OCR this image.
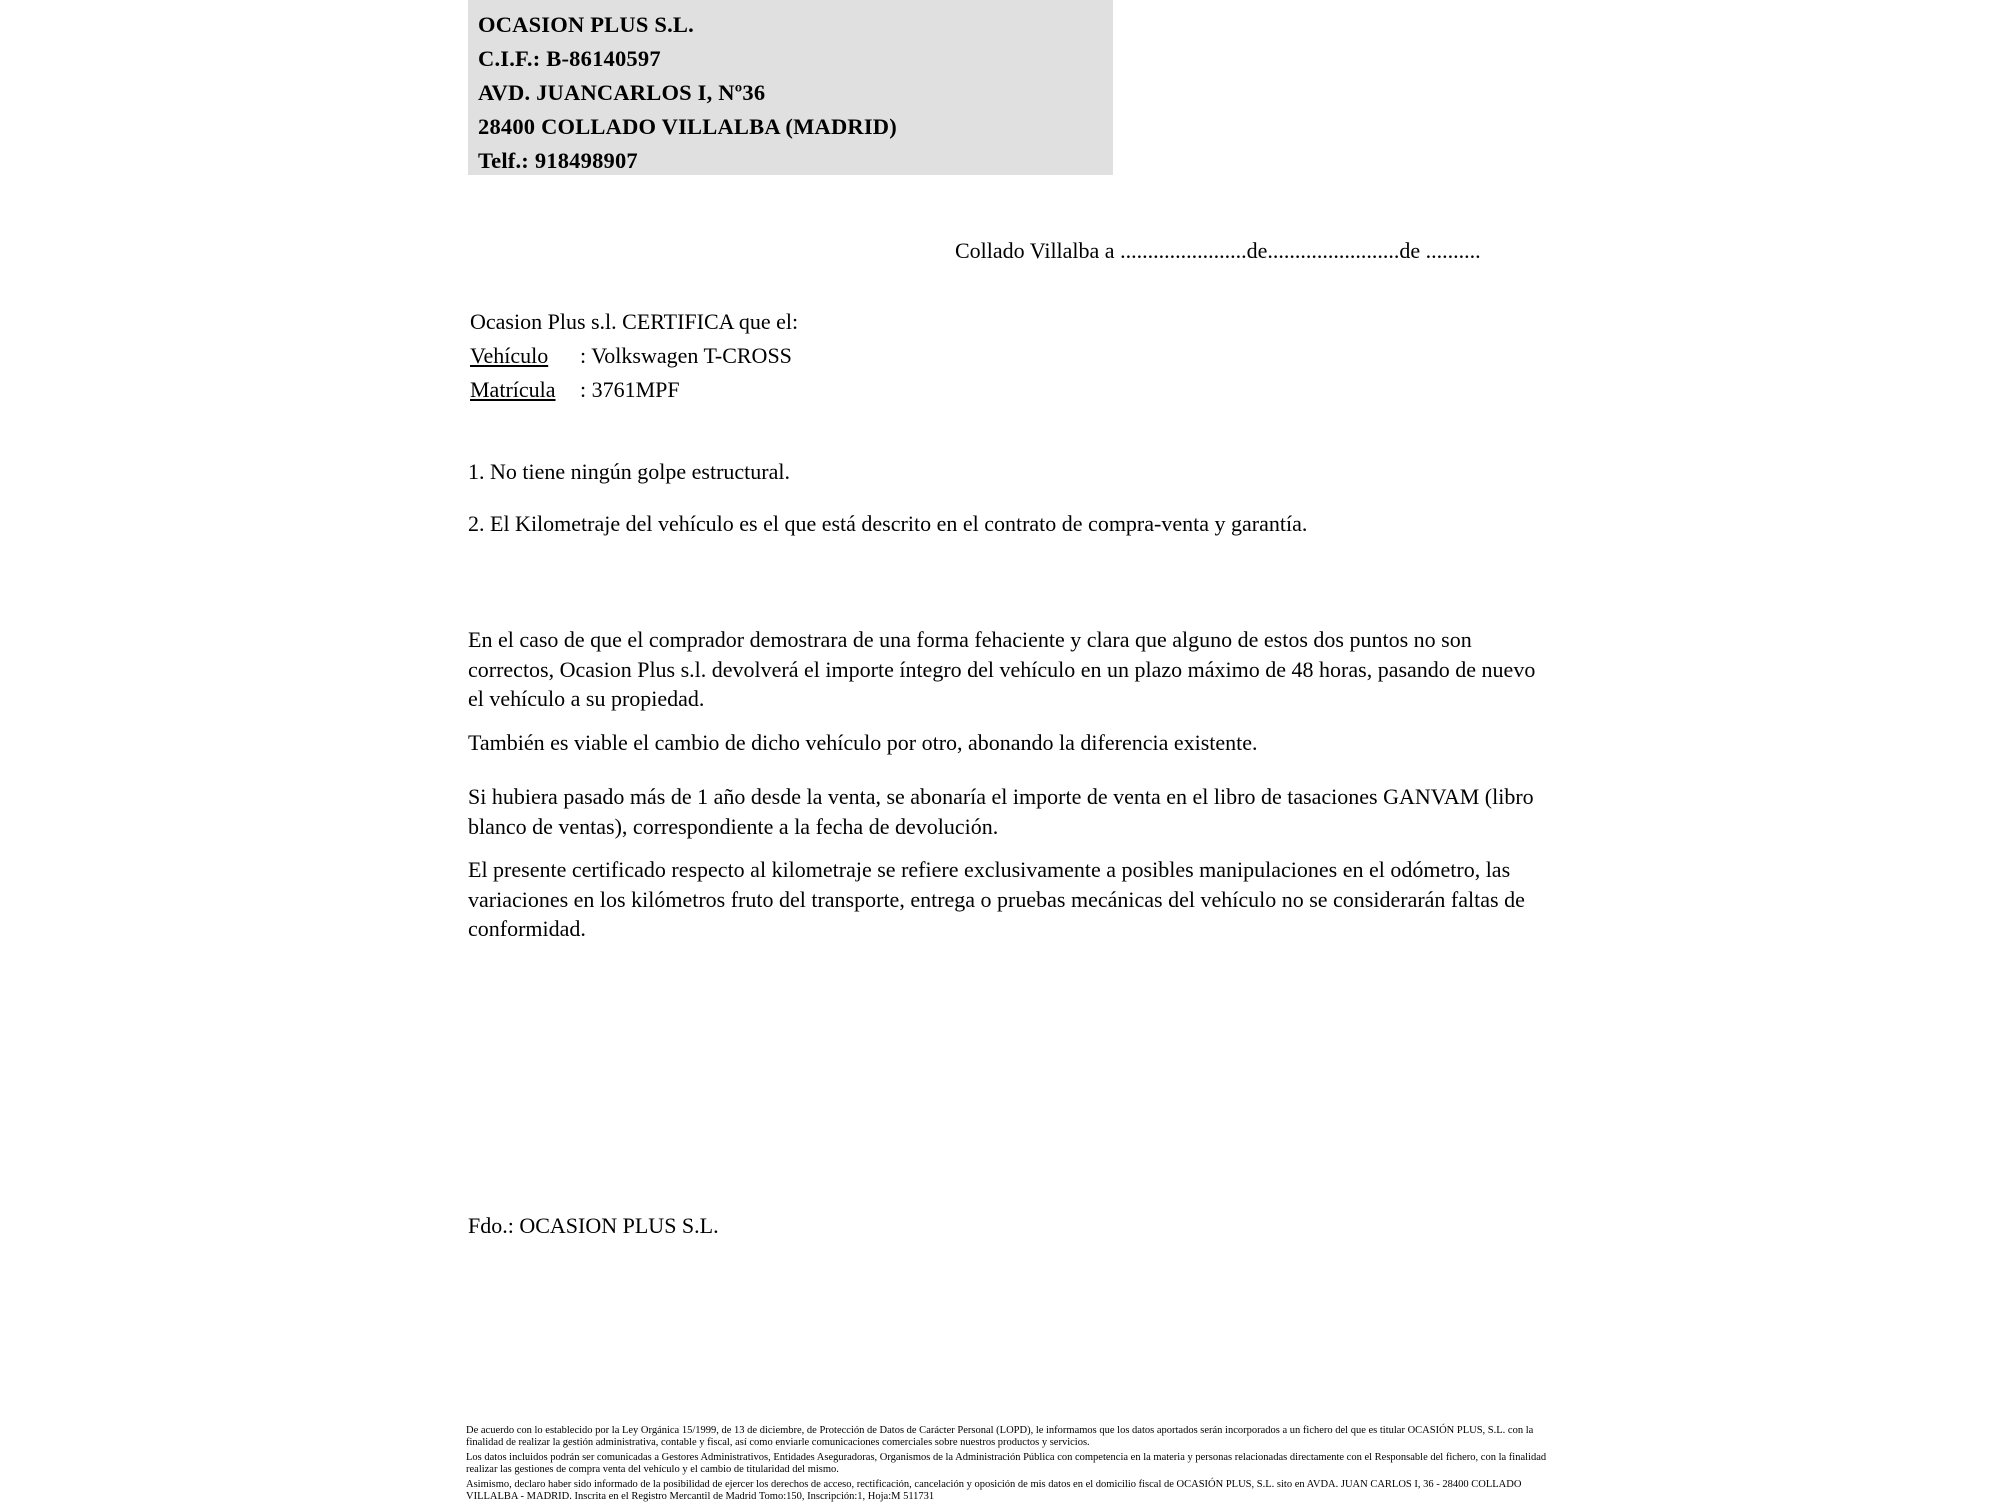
OCASION PLUS S.L.
C.I.F.: B-86140597
AVD. JUANCARLOS I, Nº36
28400 COLLADO VILLALBA (MADRID)
Telf.: 918498907
Collado Villalba a .......................de........................de ..........
Ocasion Plus s.l. CERTIFICA que el:
Vehículo : Volkswagen T-CROSS
Matrícula : 3761MPF
1. No tiene ningún golpe estructural.
2. El Kilometraje del vehículo es el que está descrito en el contrato de compra-venta y garantía.
En el caso de que el comprador demostrara de una forma fehaciente y clara que alguno de estos dos puntos no son correctos, Ocasion Plus s.l. devolverá el importe íntegro del vehículo en un plazo máximo de 48 horas, pasando de nuevo el vehículo a su propiedad.
También es viable el cambio de dicho vehículo por otro, abonando la diferencia existente.
Si hubiera pasado más de 1 año desde la venta, se abonaría el importe de venta en el libro de tasaciones GANVAM (libro blanco de ventas), correspondiente a la fecha de devolución.
El presente certificado respecto al kilometraje se refiere exclusivamente a posibles manipulaciones en el odómetro, las variaciones en los kilómetros fruto del transporte, entrega o pruebas mecánicas del vehículo no se considerarán faltas de conformidad.
Fdo.: OCASION PLUS S.L.

De acuerdo con lo establecido por la Ley Orgánica 15/1999, de 13 de diciembre, de Protección de Datos de Carácter Personal (LOPD), le informamos que los datos aportados serán incorporados a un fichero del que es titular OCASIÓN PLUS, S.L. con la finalidad de realizar la gestión administrativa, contable y fiscal, así como enviarle comunicaciones comerciales sobre nuestros productos y servicios.

Los datos incluidos podrán ser comunicadas a Gestores Administrativos, Entidades Aseguradoras, Organismos de la Administración Pública con competencia en la materia y personas relacionadas directamente con el Responsable del fichero, con la finalidad realizar las gestiones de compra venta del vehículo y el cambio de titularidad del mismo.

Asimismo, declaro haber sido informado de la posibilidad de ejercer los derechos de acceso, rectificación, cancelación y oposición de mis datos en el domicilio fiscal de OCASIÓN PLUS, S.L. sito en AVDA. JUAN CARLOS I, 36 - 28400 COLLADO VILLALBA - MADRID. Inscrita en el Registro Mercantil de Madrid Tomo:150, Inscripción:1, Hoja:M 511731
